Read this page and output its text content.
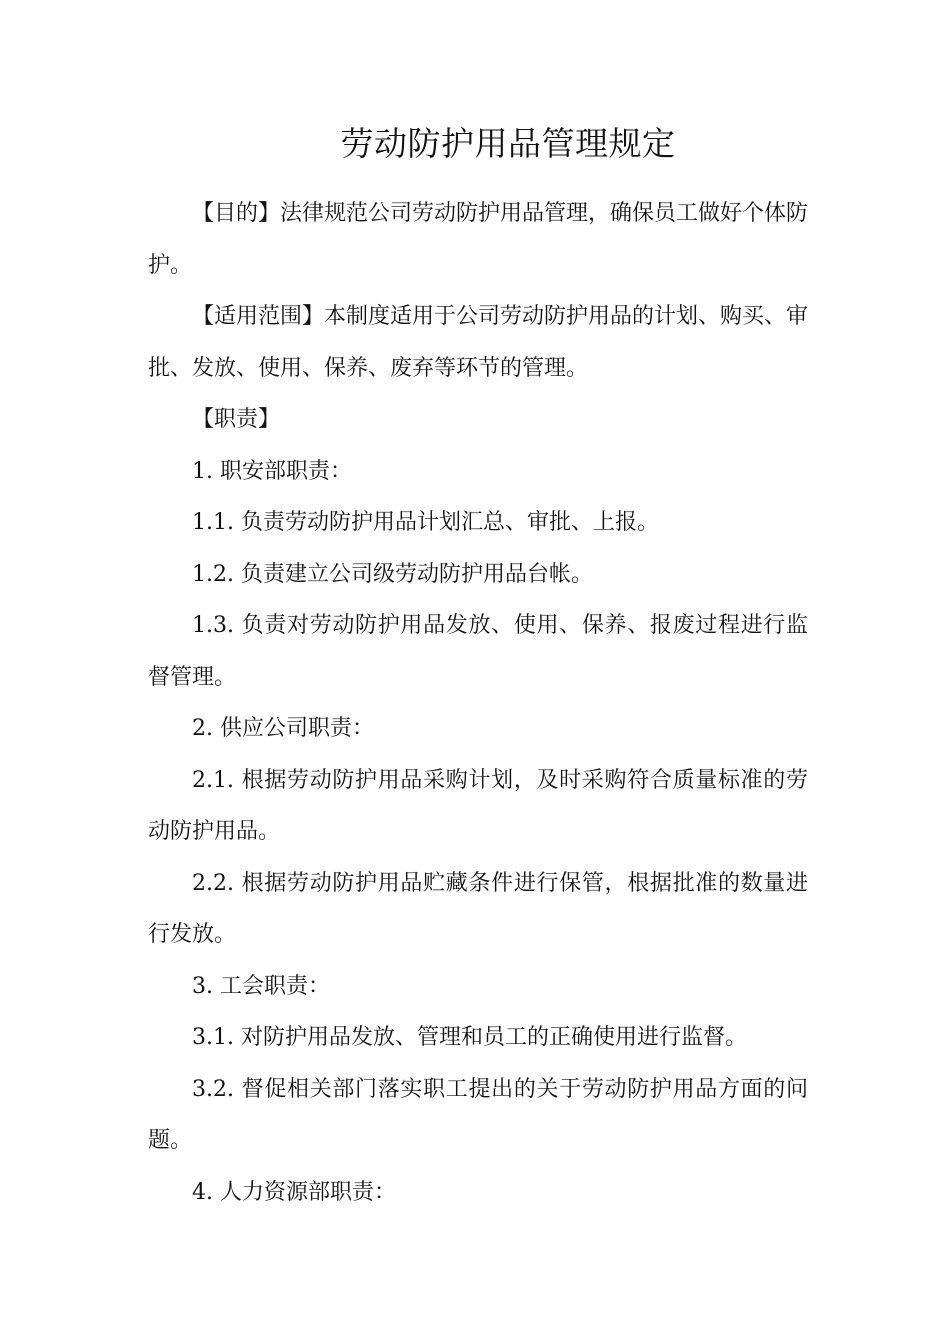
劳动防护用品管理规定

【目的】法律规范公司劳动防护用品管理，确保员工做好个体防护。

【适用范围】本制度适用于公司劳动防护用品的计划、购买、审批、发放、使用、保养、废弃等环节的管理。

【职责】

1. 职安部职责：

1.1. 负责劳动防护用品计划汇总、审批、上报。

1.2. 负责建立公司级劳动防护用品台帐。

1.3. 负责对劳动防护用品发放、使用、保养、报废过程进行监督管理。

2. 供应公司职责：

2.1. 根据劳动防护用品采购计划，及时采购符合质量标准的劳动防护用品。

2.2. 根据劳动防护用品贮藏条件进行保管，根据批准的数量进行发放。

3. 工会职责：

3.1. 对防护用品发放、管理和员工的正确使用进行监督。

3.2. 督促相关部门落实职工提出的关于劳动防护用品方面的问题。

4. 人力资源部职责：
